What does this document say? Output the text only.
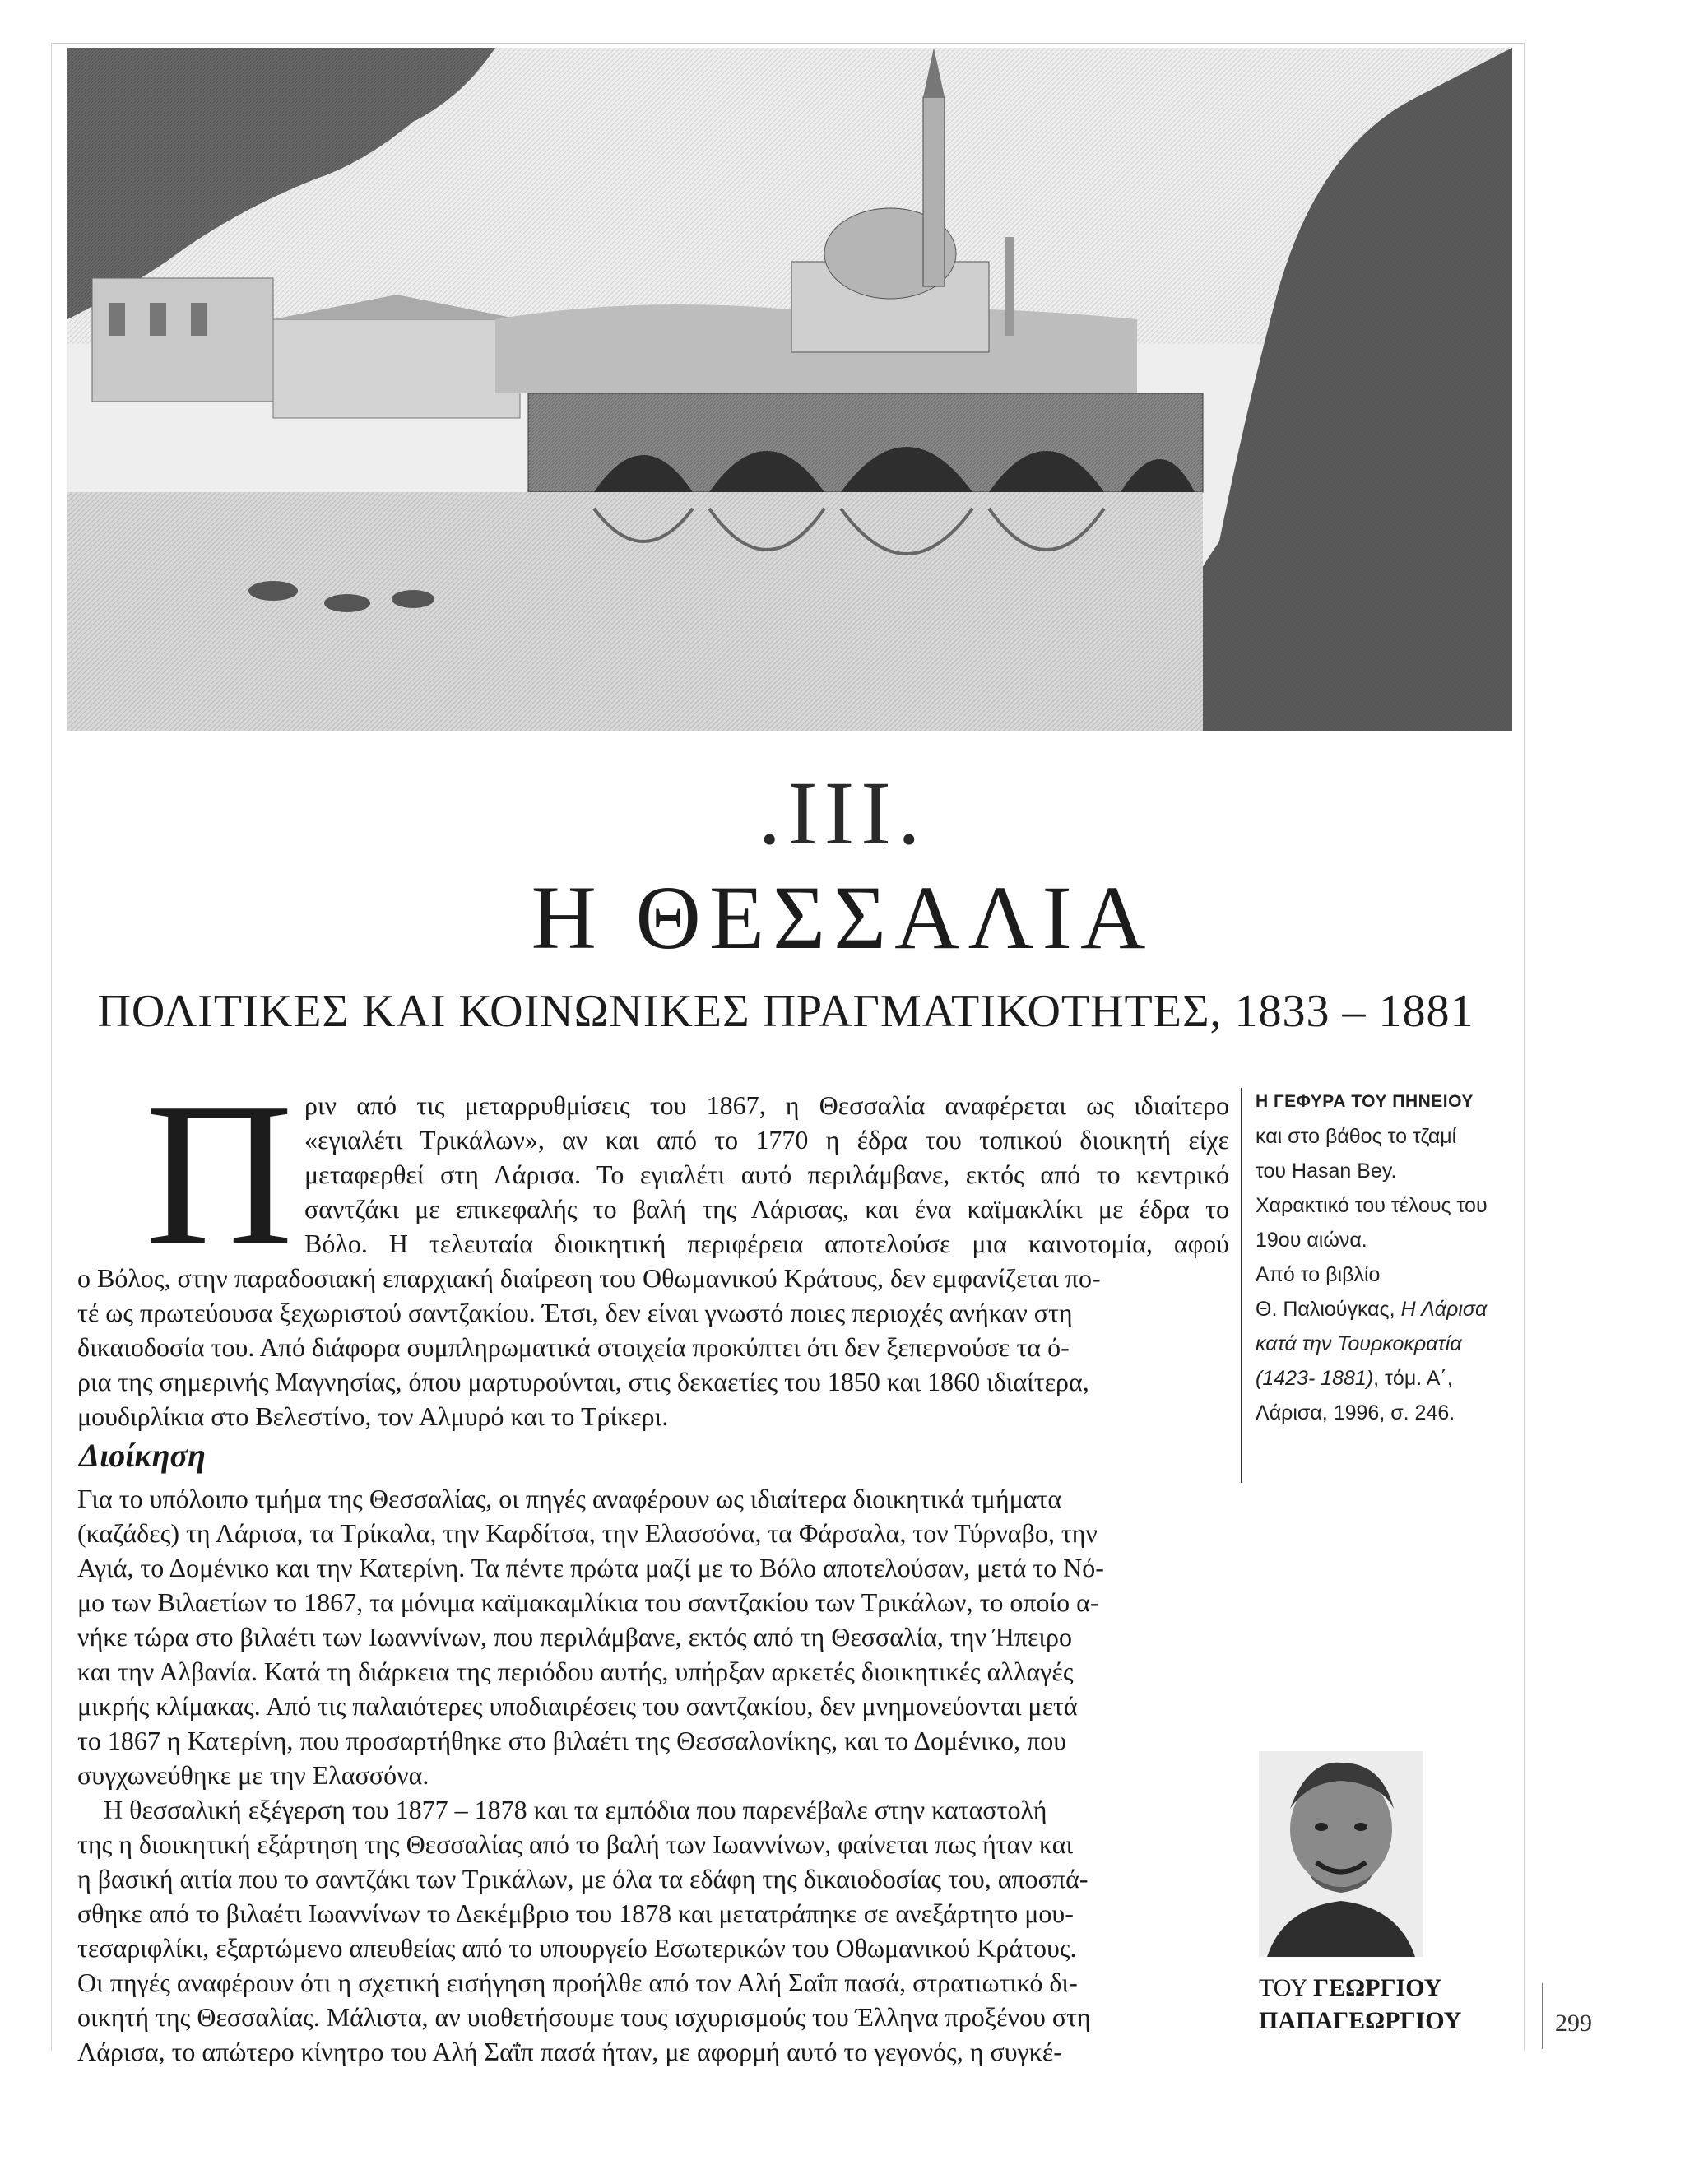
.III.
Η ΘΕΣΣΑΛΙΑ
ΠΟΛΙΤΙΚΕΣ ΚΑΙ ΚΟΙΝΩΝΙΚΕΣ ΠΡΑΓΜΑΤΙΚΟΤΗΤΕΣ, 1833 – 1881
Π ριν από τις μεταρρυθμίσεις του 1867, η Θεσσαλία αναφέρεται ως ιδιαίτερο
«εγιαλέτι Τρικάλων», αν και από το 1770 η έδρα του τοπικού διοικητή είχε
μεταφερθεί στη Λάρισα. Το εγιαλέτι αυτό περιλάμβανε, εκτός από το κεντρικό
σαντζάκι με επικεφαλής το βαλή της Λάρισας, και ένα καϊμακλίκι με έδρα το
Βόλο. Η τελευταία διοικητική περιφέρεια αποτελούσε μια καινοτομία, αφού
ο Βόλος, στην παραδοσιακή επαρχιακή διαίρεση του Οθωμανικού Κράτους, δεν εμφανίζεται πο-
τέ ως πρωτεύουσα ξεχωριστού σαντζακίου. Έτσι, δεν είναι γνωστό ποιες περιοχές ανήκαν στη
δικαιοδοσία του. Από διάφορα συμπληρωματικά στοιχεία προκύπτει ότι δεν ξεπερνούσε τα ό-
ρια της σημερινής Μαγνησίας, όπου μαρτυρούνται, στις δεκαετίες του 1850 και 1860 ιδιαίτερα,
μουδιρλίκια στο Βελεστίνο, τον Αλμυρό και το Τρίκερι.
Διοίκηση
Για το υπόλοιπο τμήμα της Θεσσαλίας, οι πηγές αναφέρουν ως ιδιαίτερα διοικητικά τμήματα
(καζάδες) τη Λάρισα, τα Τρίκαλα, την Καρδίτσα, την Ελασσόνα, τα Φάρσαλα, τον Τύρναβο, την
Αγιά, το Δομένικο και την Κατερίνη. Τα πέντε πρώτα μαζί με το Βόλο αποτελούσαν, μετά το Νό-
μο των Βιλαετίων το 1867, τα μόνιμα καϊμακαμλίκια του σαντζακίου των Τρικάλων, το οποίο α-
νήκε τώρα στο βιλαέτι των Ιωαννίνων, που περιλάμβανε, εκτός από τη Θεσσαλία, την Ήπειρο
και την Αλβανία. Κατά τη διάρκεια της περιόδου αυτής, υπήρξαν αρκετές διοικητικές αλλαγές
μικρής κλίμακας. Από τις παλαιότερες υποδιαιρέσεις του σαντζακίου, δεν μνημονεύονται μετά
το 1867 η Κατερίνη, που προσαρτήθηκε στο βιλαέτι της Θεσσαλονίκης, και το Δομένικο, που
συγχωνεύθηκε με την Ελασσόνα.
Η θεσσαλική εξέγερση του 1877 – 1878 και τα εμπόδια που παρενέβαλε στην καταστολή
της η διοικητική εξάρτηση της Θεσσαλίας από το βαλή των Ιωαννίνων, φαίνεται πως ήταν και
η βασική αιτία που το σαντζάκι των Τρικάλων, με όλα τα εδάφη της δικαιοδοσίας του, αποσπά-
σθηκε από το βιλαέτι Ιωαννίνων το Δεκέμβριο του 1878 και μετατράπηκε σε ανεξάρτητο μου-
τεσαριφλίκι, εξαρτώμενο απευθείας από το υπουργείο Εσωτερικών του Οθωμανικού Κράτους.
Οι πηγές αναφέρουν ότι η σχετική εισήγηση προήλθε από τον Αλή Σαΐπ πασά, στρατιωτικό δι-
οικητή της Θεσσαλίας. Μάλιστα, αν υιοθετήσουμε τους ισχυρισμούς του Έλληνα προξένου στη
Λάρισα, το απώτερο κίνητρο του Αλή Σαΐπ πασά ήταν, με αφορμή αυτό το γεγονός, η συγκέ-
Η ΓΕΦΥΡΑ ΤΟΥ ΠΗΝΕΙΟΥ
και στο βάθος το τζαμί
του Hasan Bey.
Χαρακτικό του τέλους του
19ου αιώνα.
Από το βιβλίο
Θ. Παλιούγκας, Η Λάρισα
κατά την Τουρκοκρατία
(1423- 1881), τόμ. Α΄,
Λάρισα, 1996, σ. 246.
ΤΟΥ ΓΕΩΡΓΙΟΥ
ΠΑΠΑΓΕΩΡΓΙΟΥ	299
